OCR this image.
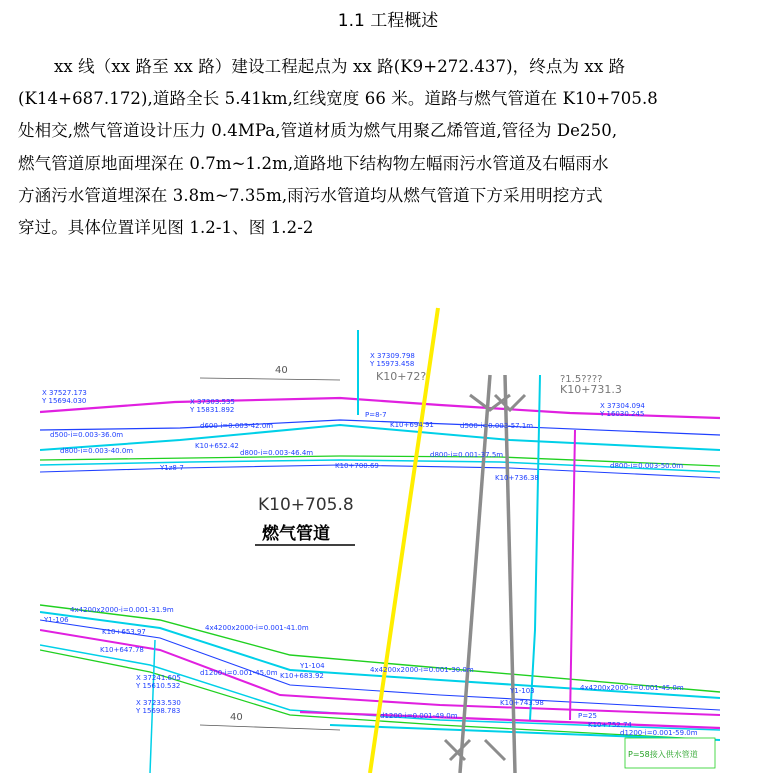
1.1 工程概述
xx 线（xx 路至 xx 路）建设工程起点为 xx 路(K9+272.437)，终点为 xx 路
(K14+687.172),道路全长 5.41km,红线宽度 66 米。道路与燃气管道在 K10+705.8
处相交,燃气管道设计压力 0.4MPa,管道材质为燃气用聚乙烯管道,管径为 De250,
燃气管道原地面埋深在 0.7m~1.2m,道路地下结构物左幅雨污水管道及右幅雨水
方涵污水管道埋深在 3.8m~7.35m,雨污水管道均从燃气管道下方采用明挖方式
穿过。具体位置详见图 1.2-1、图 1.2-2
40
40
K10+705.8
燃气管道
K10+72?
K10+731.3
?1.5????
X 37527.173
Y 15694.030	X 37303.535
Y 15831.892	X 37304.094
Y 16030.245
X 37309.798
Y 15973.458
X 37241.605
Y 15610.532
X 37233.530
Y 15698.783
d500-i=0.003-36.0m
d600-i=0.003-42.0m	d500-i=0.003-57.1m
d800-i=0.003-40.0m	d800-i=0.003-46.4m	d800-i=0.001-37.5m
d800-i=0.003-50.0m
4x4200x2000-i=0.001-31.9m
4x4200x2000-i=0.001-41.0m
4x4200x2000-i=0.001-30.0m
4x4200x2000-i=0.001-45.0m
d1200-i=0.001-45.0m
d1200-i=0.001-59.0m
d1200-i=0.001-49.0m
P=8-7
K10+694.91
K10+652.42
Y1z8-7	K10+700.69
K10+736.38
K10+653.97
K10+647.78
Y1-106
K10+683.92
Y1-104
K10+743.98
Y1-103
K10+752.74
P=25
P=58接入供水管道
